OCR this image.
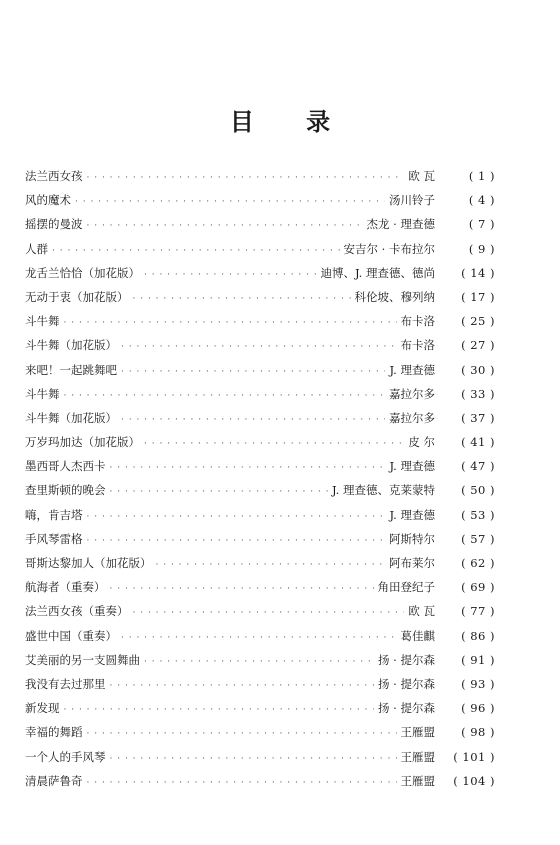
目 录
法兰西女孩 · · ·	欧 瓦	( 1 )
风的魔术 · · ·	汤川铃子	( 4 )
摇摆的曼波 · · ·	杰龙 · 理查德	( 7 )
人群 · · ·	安吉尔 · 卡布拉尔	( 9 )
龙舌兰恰恰（加花版） · · ·	迪博、J. 理查德、德尚	( 14 )
无动于衷（加花版） · · ·	科伦坡、穆列纳	( 17 )
斗牛舞 · · ·	布卡洛	( 25 )
斗牛舞（加花版） · · ·	布卡洛	( 27 )
来吧！一起跳舞吧 · · ·	J. 理查德	( 30 )
斗牛舞 · · ·	嘉拉尔多	( 33 )
斗牛舞（加花版） · · ·	嘉拉尔多	( 37 )
万岁玛加达（加花版） · · ·	皮 尔	( 41 )
墨西哥人杰西卡 · · ·	J. 理查德	( 47 )
查里斯顿的晚会 · · ·	J. 理查德、克莱蒙特	( 50 )
嗨，肯吉塔 · · ·	J. 理查德	( 53 )
手风琴雷格 · · ·	阿斯特尔	( 57 )
哥斯达黎加人（加花版） · · ·	阿布莱尔	( 62 )
航海者（重奏） · · ·	角田登纪子	( 69 )
法兰西女孩（重奏） · · ·	欧 瓦	( 77 )
盛世中国（重奏） · · ·	葛佳麒	( 86 )
艾美丽的另一支圆舞曲 · · ·	扬 · 提尔森	( 91 )
我没有去过那里 · · ·	扬 · 提尔森	( 93 )
新发现 · · ·	扬 · 提尔森	( 96 )
幸福的舞蹈 · · ·	王雁盟	( 98 )
一个人的手风琴 · · ·	王雁盟	( 101 )
清晨萨鲁奇 · · ·	王雁盟	( 104 )
